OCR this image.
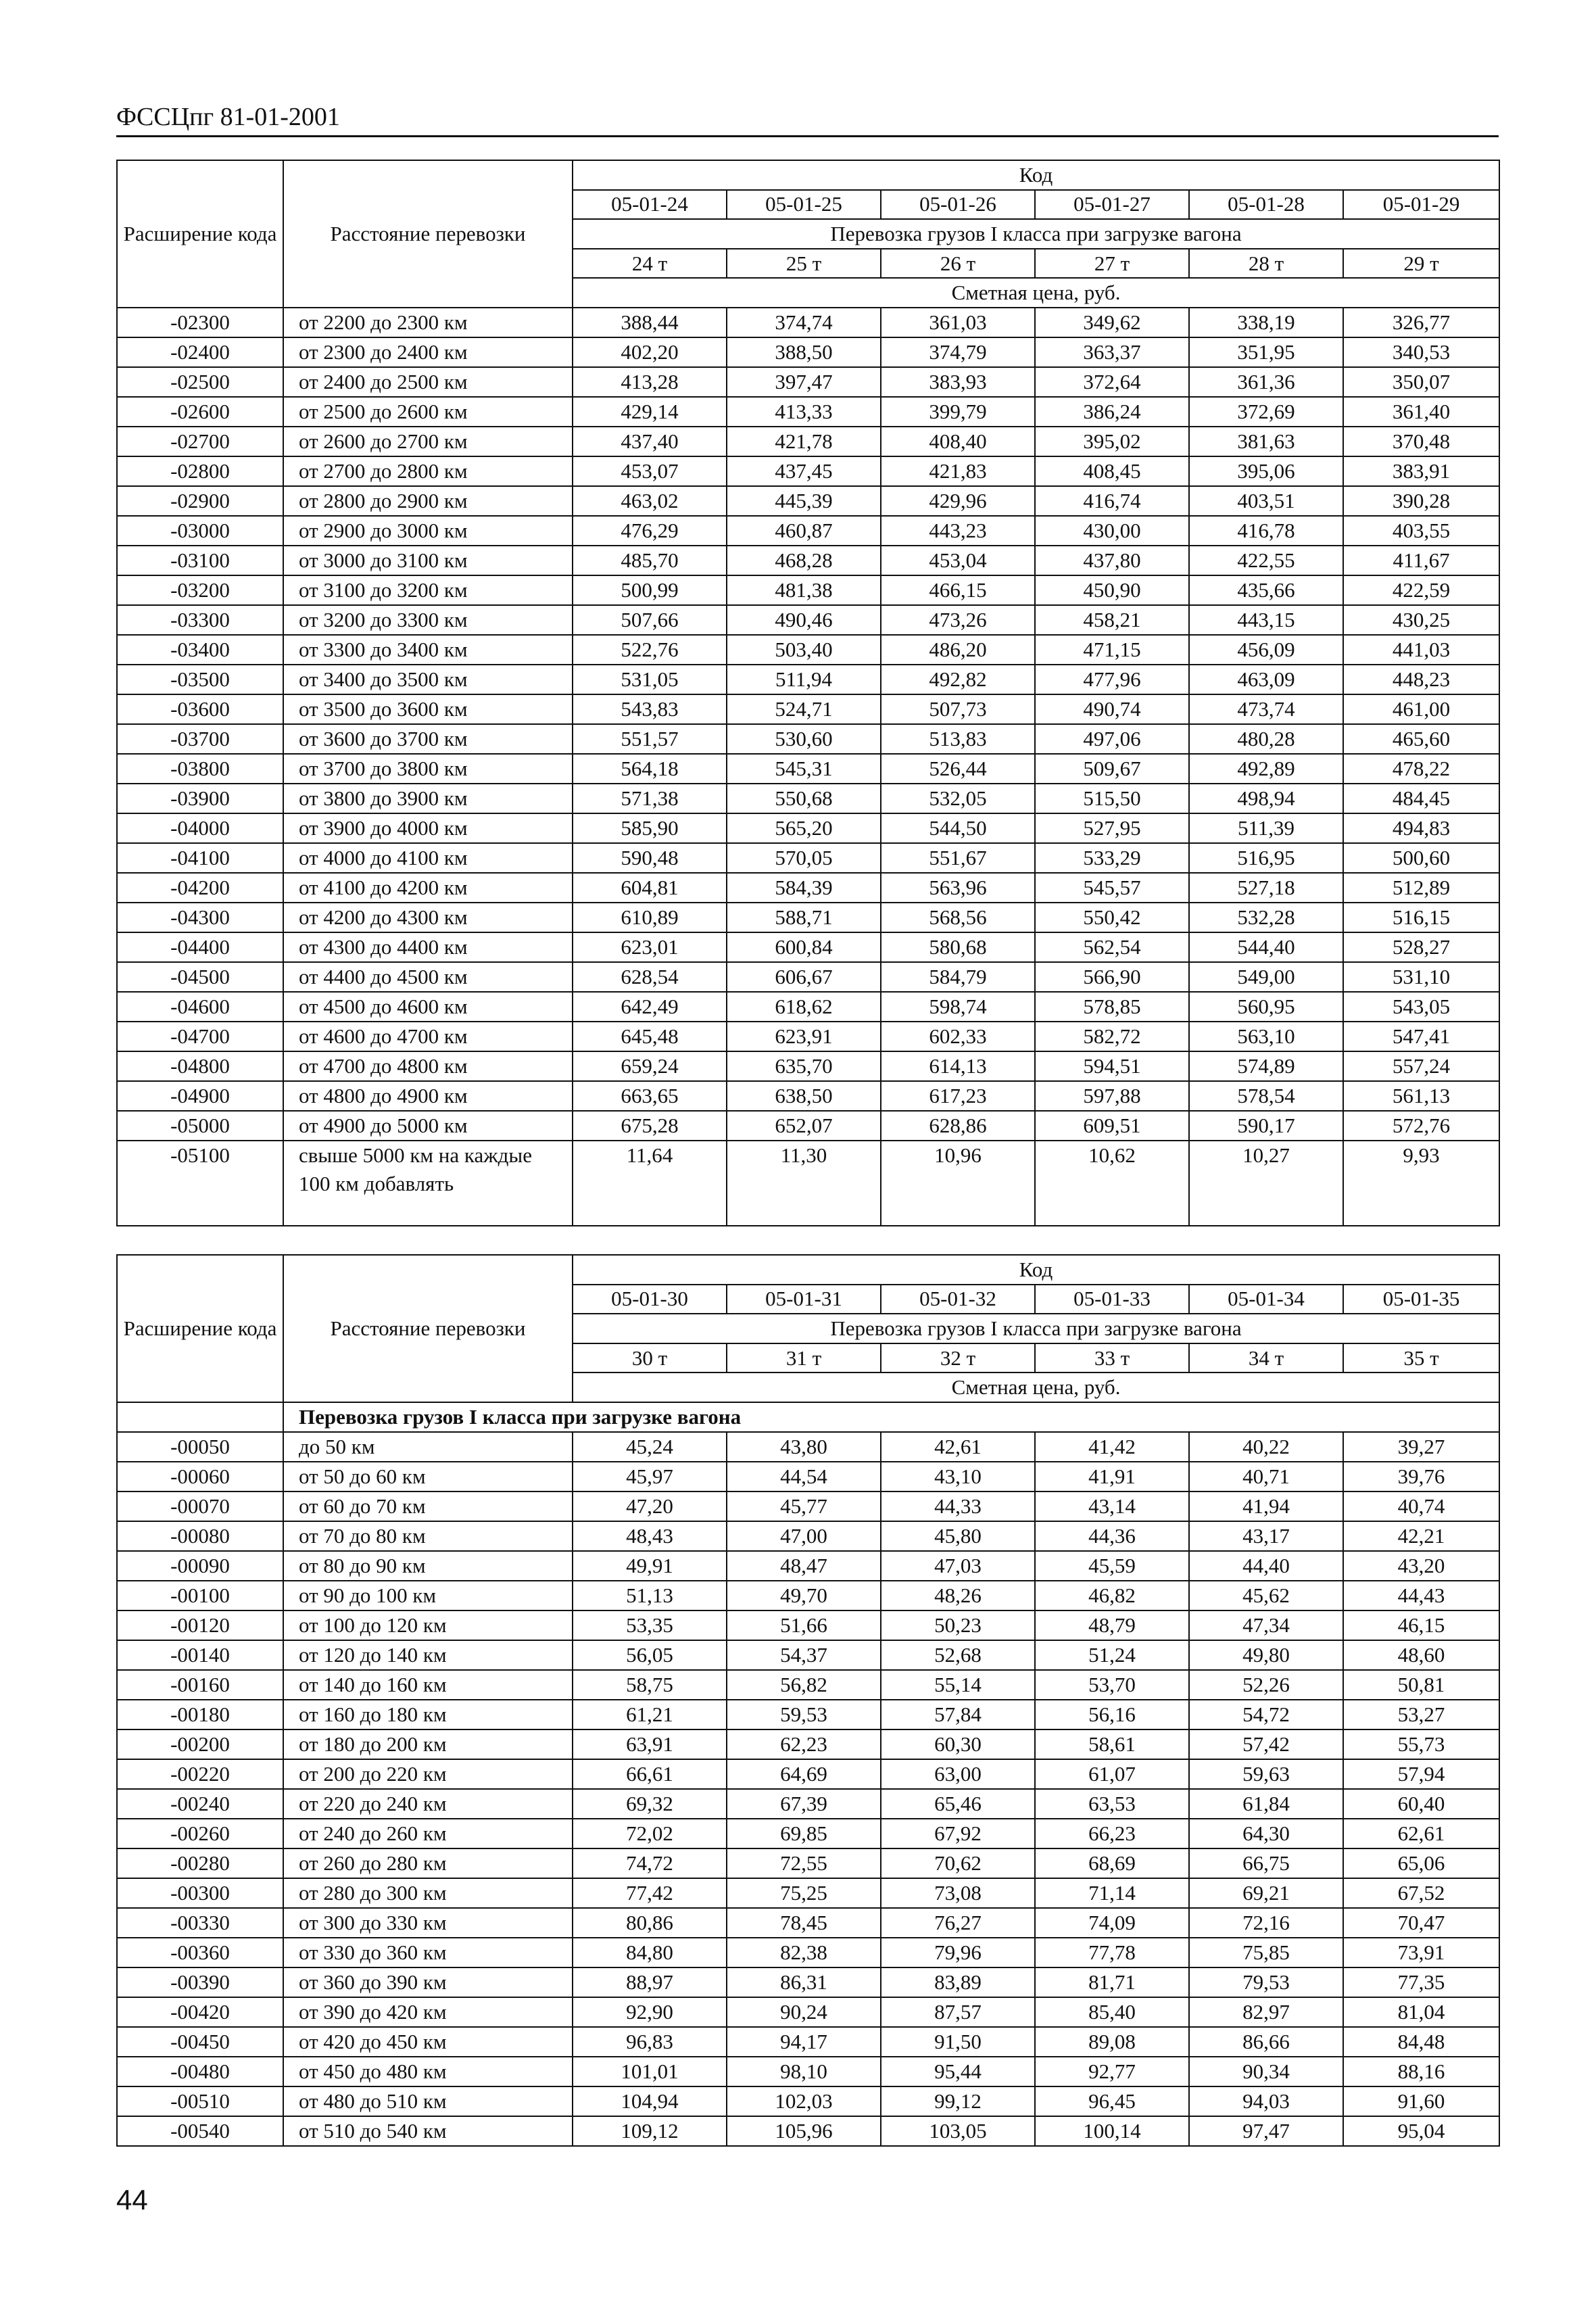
ФССЦпг 81-01-2001
Расширение кода	Расстояние перевозки	Код					
		05-01-24	05-01-25	05-01-26	05-01-27	05-01-28	05-01-29
		Перевозка грузов I класса при загрузке вагона					
		24 т	25 т	26 т	27 т	28 т	29 т
		Сметная цена, руб.					
-02300	от 2200 до 2300 км	388,44	374,74	361,03	349,62	338,19	326,77
-02400	от 2300 до 2400 км	402,20	388,50	374,79	363,37	351,95	340,53
-02500	от 2400 до 2500 км	413,28	397,47	383,93	372,64	361,36	350,07
-02600	от 2500 до 2600 км	429,14	413,33	399,79	386,24	372,69	361,40
-02700	от 2600 до 2700 км	437,40	421,78	408,40	395,02	381,63	370,48
-02800	от 2700 до 2800 км	453,07	437,45	421,83	408,45	395,06	383,91
-02900	от 2800 до 2900 км	463,02	445,39	429,96	416,74	403,51	390,28
-03000	от 2900 до 3000 км	476,29	460,87	443,23	430,00	416,78	403,55
-03100	от 3000 до 3100 км	485,70	468,28	453,04	437,80	422,55	411,67
-03200	от 3100 до 3200 км	500,99	481,38	466,15	450,90	435,66	422,59
-03300	от 3200 до 3300 км	507,66	490,46	473,26	458,21	443,15	430,25
-03400	от 3300 до 3400 км	522,76	503,40	486,20	471,15	456,09	441,03
-03500	от 3400 до 3500 км	531,05	511,94	492,82	477,96	463,09	448,23
-03600	от 3500 до 3600 км	543,83	524,71	507,73	490,74	473,74	461,00
-03700	от 3600 до 3700 км	551,57	530,60	513,83	497,06	480,28	465,60
-03800	от 3700 до 3800 км	564,18	545,31	526,44	509,67	492,89	478,22
-03900	от 3800 до 3900 км	571,38	550,68	532,05	515,50	498,94	484,45
-04000	от 3900 до 4000 км	585,90	565,20	544,50	527,95	511,39	494,83
-04100	от 4000 до 4100 км	590,48	570,05	551,67	533,29	516,95	500,60
-04200	от 4100 до 4200 км	604,81	584,39	563,96	545,57	527,18	512,89
-04300	от 4200 до 4300 км	610,89	588,71	568,56	550,42	532,28	516,15
-04400	от 4300 до 4400 км	623,01	600,84	580,68	562,54	544,40	528,27
-04500	от 4400 до 4500 км	628,54	606,67	584,79	566,90	549,00	531,10
-04600	от 4500 до 4600 км	642,49	618,62	598,74	578,85	560,95	543,05
-04700	от 4600 до 4700 км	645,48	623,91	602,33	582,72	563,10	547,41
-04800	от 4700 до 4800 км	659,24	635,70	614,13	594,51	574,89	557,24
-04900	от 4800 до 4900 км	663,65	638,50	617,23	597,88	578,54	561,13
-05000	от 4900 до 5000 км	675,28	652,07	628,86	609,51	590,17	572,76
-05100	свыше 5000 км на каждые 100 км добавлять	11,64	11,30	10,96	10,62	10,27	9,93
Расширение кода	Расстояние перевозки	Код					
		05-01-30	05-01-31	05-01-32	05-01-33	05-01-34	05-01-35
		Перевозка грузов I класса при загрузке вагона					
		30 т	31 т	32 т	33 т	34 т	35 т
		Сметная цена, руб.					
	Перевозка грузов I класса при загрузке вагона						
-00050	до 50 км	45,24	43,80	42,61	41,42	40,22	39,27
-00060	от 50 до 60 км	45,97	44,54	43,10	41,91	40,71	39,76
-00070	от 60 до 70 км	47,20	45,77	44,33	43,14	41,94	40,74
-00080	от 70 до 80 км	48,43	47,00	45,80	44,36	43,17	42,21
-00090	от 80 до 90 км	49,91	48,47	47,03	45,59	44,40	43,20
-00100	от 90 до 100 км	51,13	49,70	48,26	46,82	45,62	44,43
-00120	от 100 до 120 км	53,35	51,66	50,23	48,79	47,34	46,15
-00140	от 120 до 140 км	56,05	54,37	52,68	51,24	49,80	48,60
-00160	от 140 до 160 км	58,75	56,82	55,14	53,70	52,26	50,81
-00180	от 160 до 180 км	61,21	59,53	57,84	56,16	54,72	53,27
-00200	от 180 до 200 км	63,91	62,23	60,30	58,61	57,42	55,73
-00220	от 200 до 220 км	66,61	64,69	63,00	61,07	59,63	57,94
-00240	от 220 до 240 км	69,32	67,39	65,46	63,53	61,84	60,40
-00260	от 240 до 260 км	72,02	69,85	67,92	66,23	64,30	62,61
-00280	от 260 до 280 км	74,72	72,55	70,62	68,69	66,75	65,06
-00300	от 280 до 300 км	77,42	75,25	73,08	71,14	69,21	67,52
-00330	от 300 до 330 км	80,86	78,45	76,27	74,09	72,16	70,47
-00360	от 330 до 360 км	84,80	82,38	79,96	77,78	75,85	73,91
-00390	от 360 до 390 км	88,97	86,31	83,89	81,71	79,53	77,35
-00420	от 390 до 420 км	92,90	90,24	87,57	85,40	82,97	81,04
-00450	от 420 до 450 км	96,83	94,17	91,50	89,08	86,66	84,48
-00480	от 450 до 480 км	101,01	98,10	95,44	92,77	90,34	88,16
-00510	от 480 до 510 км	104,94	102,03	99,12	96,45	94,03	91,60
-00540	от 510 до 540 км	109,12	105,96	103,05	100,14	97,47	95,04
44
